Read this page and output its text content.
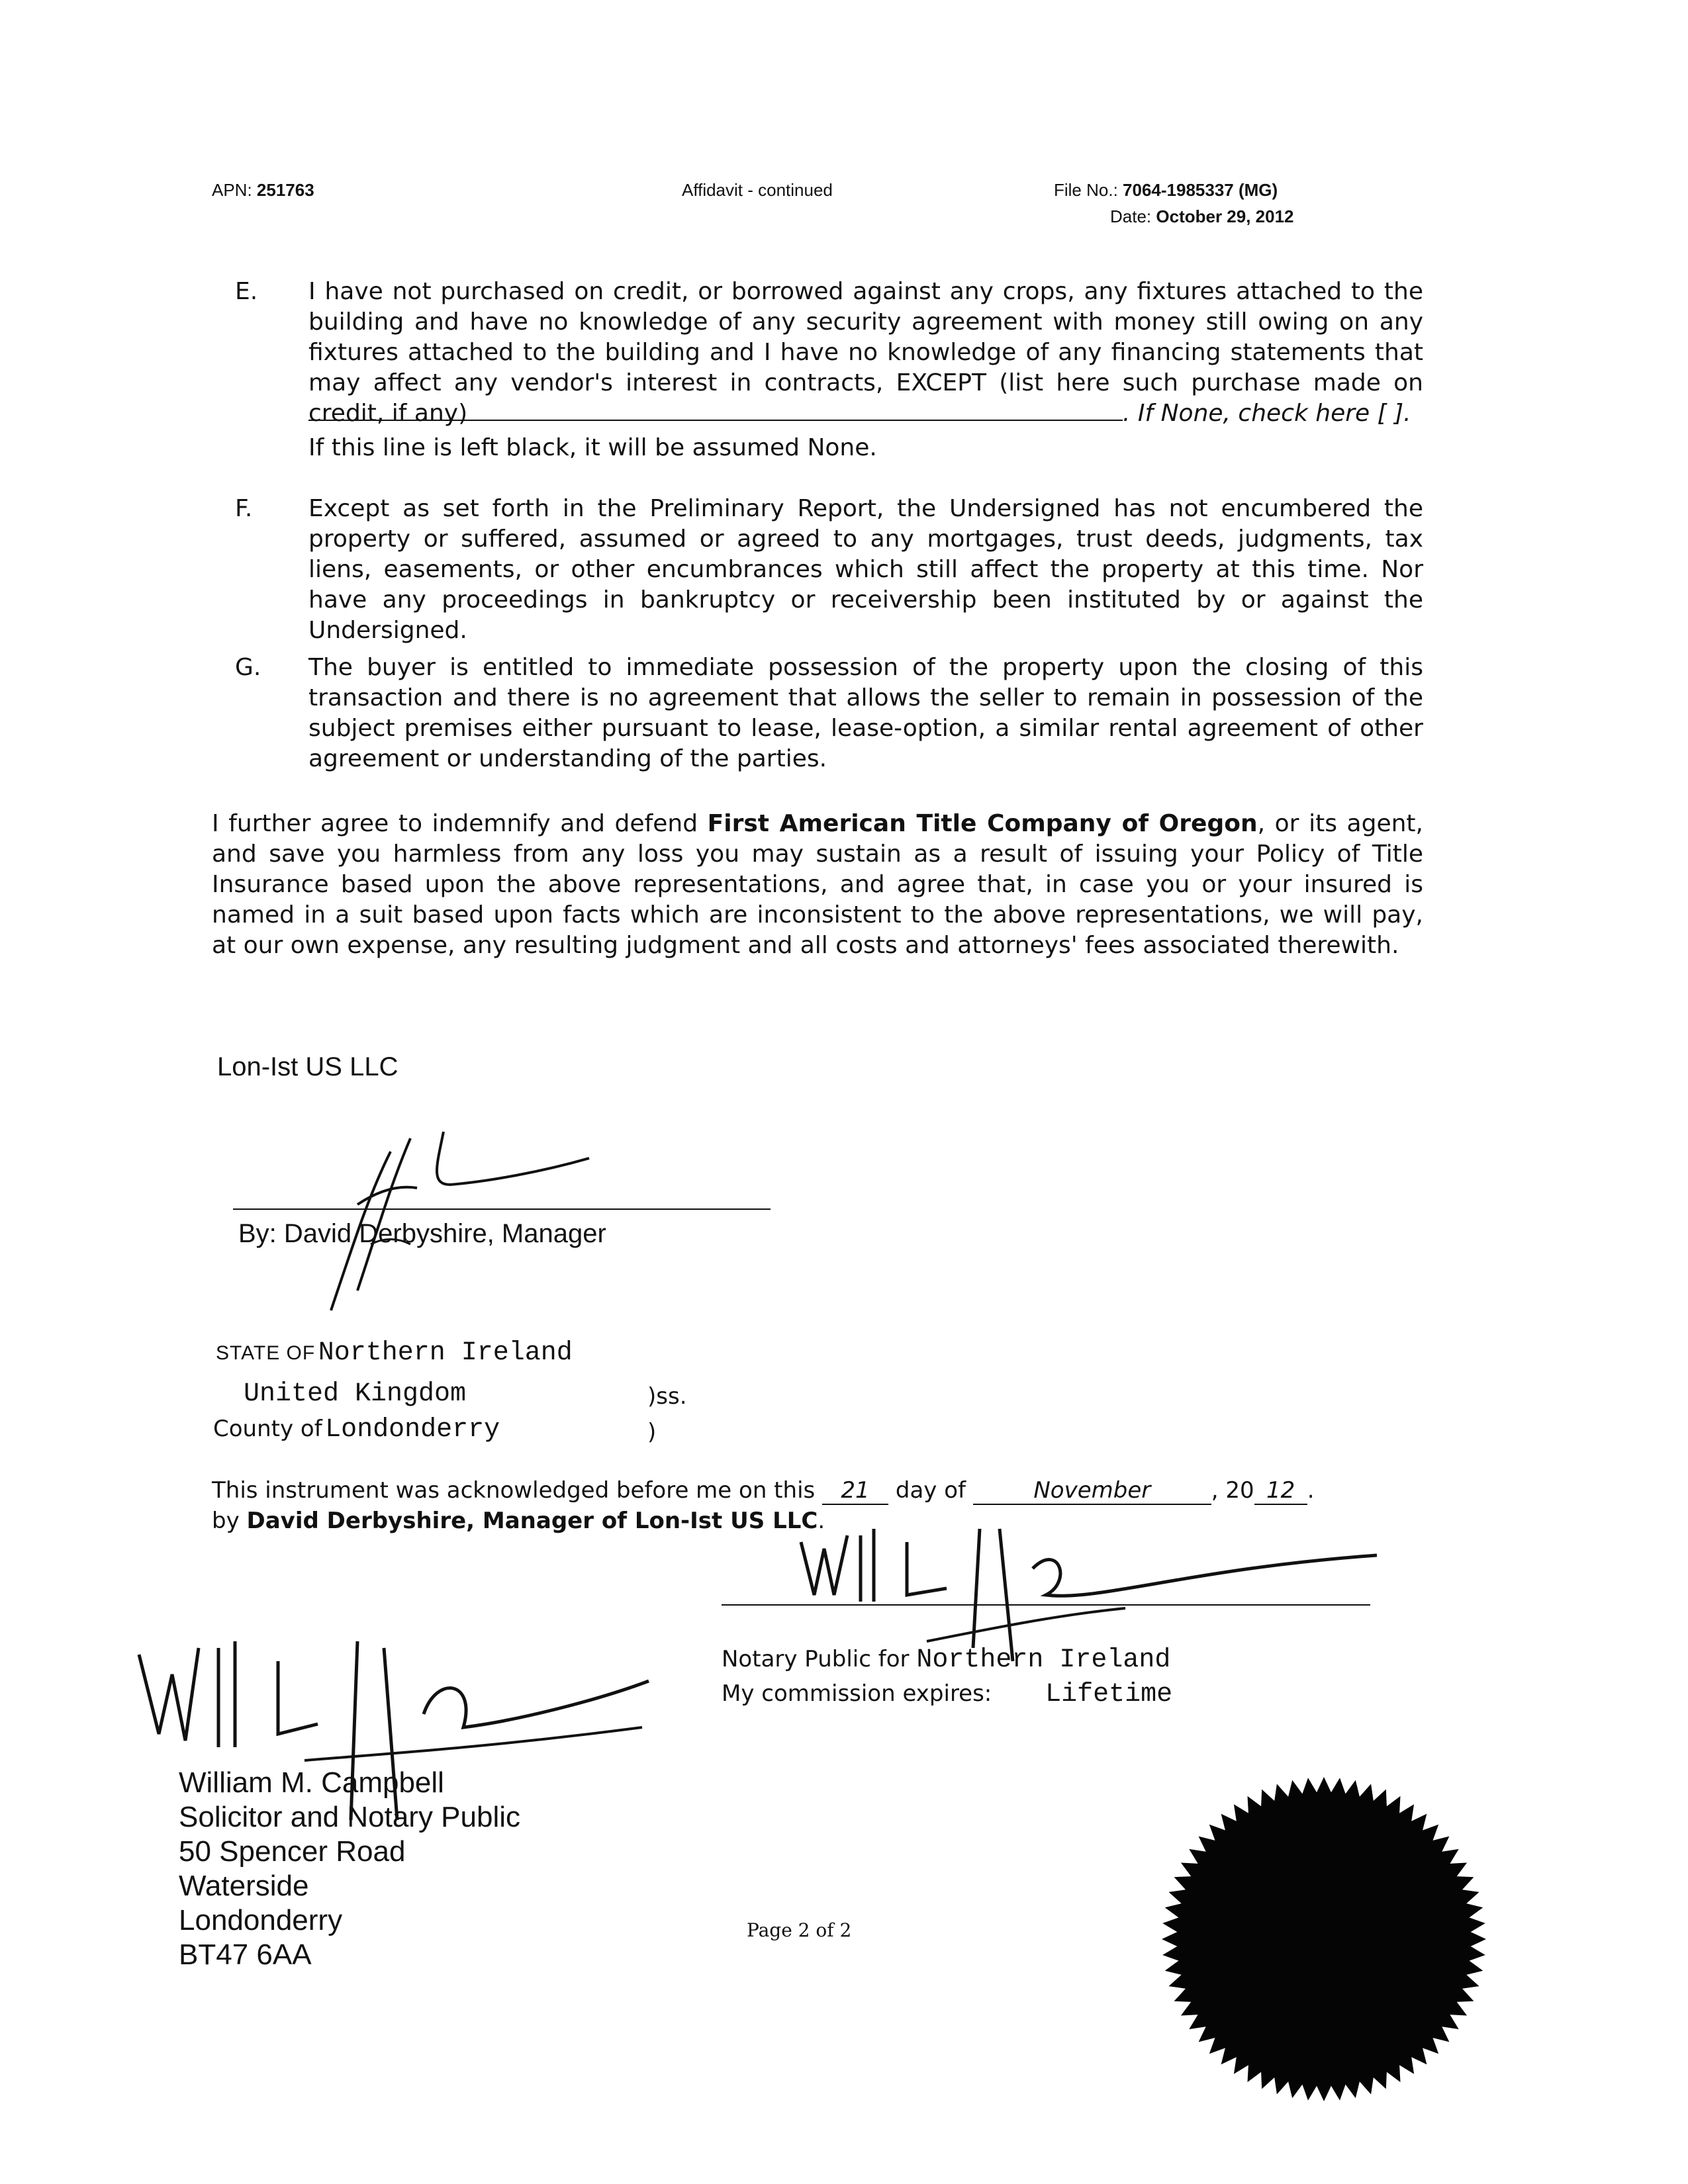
APN: 251763	Affidavit - continued	File No.: 7064-1985337 (MG)
Date: October 29, 2012
E. I have not purchased on credit, or borrowed against any crops, any fixtures attached to the building and have no knowledge of any security agreement with money still owing on any fixtures attached to the building and I have no knowledge of any financing statements that may affect any vendor's interest in contracts, EXCEPT (list here such purchase made on credit, if any)	. If None, check here [ ].
If this line is left black, it will be assumed None.
F. Except as set forth in the Preliminary Report, the Undersigned has not encumbered the property or suffered, assumed or agreed to any mortgages, trust deeds, judgments, tax liens, easements, or other encumbrances which still affect the property at this time. Nor have any proceedings in bankruptcy or receivership been instituted by or against the Undersigned.
G. The buyer is entitled to immediate possession of the property upon the closing of this transaction and there is no agreement that allows the seller to remain in possession of the subject premises either pursuant to lease, lease-option, a similar rental agreement of other agreement or understanding of the parties.
I further agree to indemnify and defend First American Title Company of Oregon, or its agent, and save you harmless from any loss you may sustain as a result of issuing your Policy of Title Insurance based upon the above representations, and agree that, in case you or your insured is named in a suit based upon facts which are inconsistent to the above representations, we will pay, at our own expense, any resulting judgment and all costs and attorneys' fees associated therewith.
Lon-Ist US LLC
By: David Derbyshire, Manager
STATE OF Northern Ireland
United Kingdom	)ss.
County of Londonderry	)
This instrument was acknowledged before me on this 21 day of	November	, 20 12 .
by David Derbyshire, Manager of Lon-Ist US LLC.
Notary Public for Northern Ireland
My commission expires: Lifetime
William M. Campbell
Solicitor and Notary Public
50 Spencer Road
Waterside
Londonderry
BT47 6AA
Page 2 of 2
